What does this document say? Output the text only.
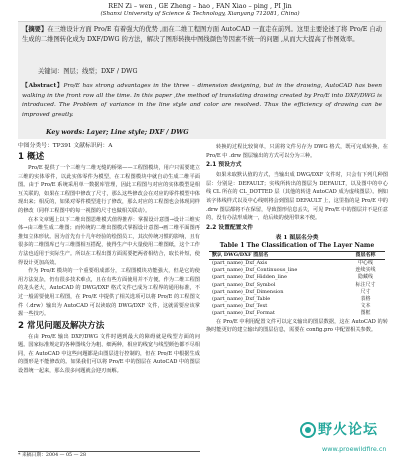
REN Zi – wen , GE Zheng – hao , FAN Xiao – ping , PI Jin
(Shanxi University of Science & Technology, Xianyang 712081, China)
【摘要】在三维设计方面 Pro/E 有着强大的优势 ,而在二维工程图方面 AutoCAD 一直走在前列。这里主要论述了将 Pro/E 自动生成的二维图转化成为 DXF/DWG 的方法，解决了图形转换中图线颜色等因素不统一的问题 ,从而大大提高了作图效率。
关键词：图层；线型；DXF / DWG
【Abstract】Pro/E has strong advantages in the three – dimension designing, but in the drawing, AutoCAD has been walking in the front row all the time. In this paper ,the method of translating drawing created by Pro/E into DXF/DWG is introduced. The Problem of variance in the line style and color are resolved. Thus the efficiency of drawing can be improved greatly.
Key words: Layer; Line style; DXF / DWG
中图分类号：TP391 文献标识码：A
1 概述

Pro/E 提供了一个三维与二维无缝的桥梁——工程图模块，用户只需要建立三维的实体零件，以此实体零件为模型，在工程图模块中就自动生成二维平面图。由于 Pro/E 系统采用单一数据库管理，因此工程图与对应的实体模型是相互关联的，如果在工程图中修改了尺寸，那么这些修改会在对应的零件模型中体现出来；相反的，如果对零件模型进行了修改，那么对应的工程图也会体现同样的修改（同样工程图中的每一视图的尺寸也做相关联动）。

在本文章题上以下二维出图思维模式值得推荐：掌握设计意图→设计三维实体→由三维生成二维图；而传统的二维出图模式掌握设计意图→画二维平面图再推知立体形状。因为首先有十几年经验的绘图员工，其次传统习惯的影响，且有很多的二维图库已与三维图相互搭配，使得生产中大量使用二维图纸，这个工作方法也适用于实际生产。所以在工程出图方面需要把两者相结合，取长补短，使得设计更加高效。

作为 Pro/E 模块的一个重要组成部分，工程图模块功能强大，但是它的使用方法复杂，仍有很多技术难点，且在有些方面使用并不方便。作为二维工程图的龙头老大，AutoCAD 的 DWG/DXF 格式文件已成为工程界的通用标准，不过一般需要使用工程图，在 Pro/E 中提供了相关选项可以将 Pro/E 的工程图文件（.drw）输出为 AutoCAD 可以读取的 DWG/DXF 文件，这就需要应该掌握一些技巧。

2 常见问题及解决方法

在由 Pro/E 输出 DXF/DWG 文件时遇到最大的障碍就是线型方面的问题。国家标准规定的各种图线分为粗、细两种，相应的线宽与线型颜色都不尽相同，在 AutoCAD 中这些问题都是由图层进行控制的，但在 Pro/E 中根据生成的图形是不能修改的。如果我们可以将 Pro/E 中的图层在 AutoCAD 中的图层设置统一起来，那么很多问题就会迎刃而解。

转换的过程比较简单，只需将文件另存为 DWG 格式，既可完成转换，在 Pro/E 中 .drw 图层输出的方式可以分为三种。

2.1 预设方式

如果未取默认值的方式，当输出成 DWG/DXF 文件时，只会有下列几种图层：分别是：DEFAULT；实线所转出的图层为 DEFAULT，以及图中的中心线 CL 所在的 CL_DOTTED 层（其他的转进 AutoCAD 成为虚线图层）。例如该字体线样式以及中心线则将会到图层 DEFAULT 上，这里指的是 Pro/E 中的 .drw 图层都将不在保留，导致图形信息丢失，可见 Pro/E 中的图层并不是任意的，没有办法形成统一，给后续的使用带来不便。

2.2 设置配置文件
表 1 图层名分类
Table 1 The Classification of The Layer Name
默认 DWG/DXF 图层名	图层名称
(part_name)_Dxf_Axis	中心线
(part_name)_Dxf_Continuous_line	连续实线
(part_name)_Dxf_Hidden_line	隐藏线
(part_name)_Dxf_Symbol	标注尺寸
(part_name)_Dxf_Dimension	尺寸
(part_name)_Dxf_Table	表格
(part_name)_Dxf_Text	文本
(part_name)_Dxf_Format	图框

在 Pro/E 中利用配置文件可以定义输出的图层数据，这在 AutoCAD 的转换时能更好的建立输出的图层信息，需要在 config.pro 中配置相关参数。

* 来稿日期：2004 — 05 — 28
野火论坛
www.proewildfire.cn
